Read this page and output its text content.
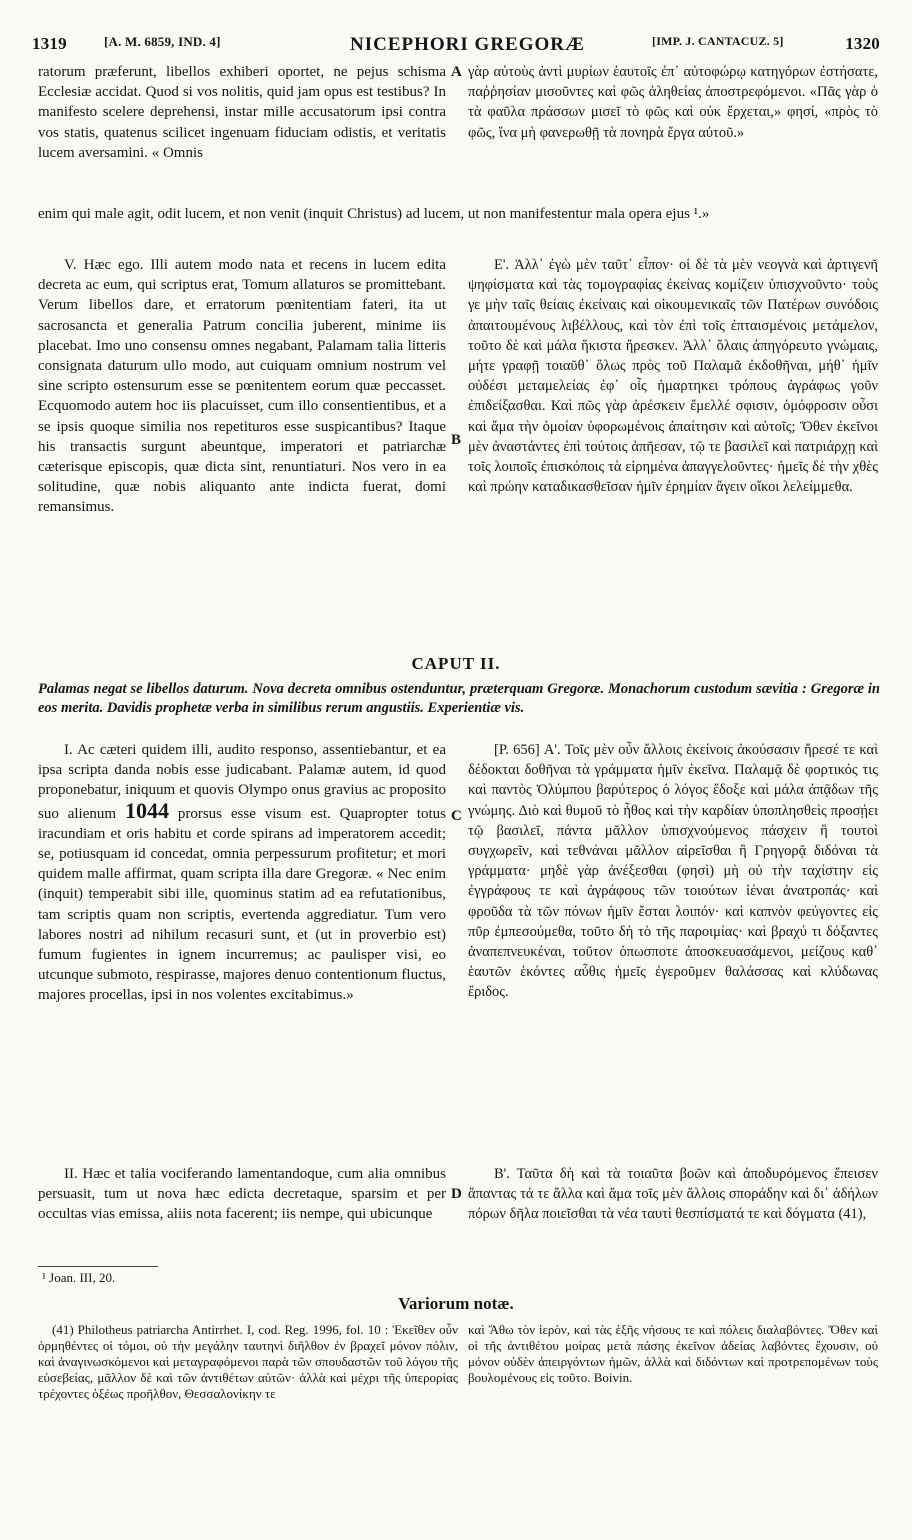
1319	[A. M. 6859, IND. 4]	NICEPHORI GREGORÆ	[IMP. J. CANTACUZ. 5]	1320

ratorum præferunt, libellos exhiberi oportet, ne pejus schisma Ecclesiæ accidat. Quod si vos nolitis, quid jam opus est testibus? In manifesto scelere deprehensi, instar mille accusatorum ipsi contra vos statis, quatenus scilicet ingenuam fiduciam odistis, et veritatis lucem aversamini. « Omnis

A γὰρ αὐτοὺς ἀντὶ μυρίων ἑαυτοῖς ἐπ᾿ αὐτοφώρῳ κατηγόρων ἐστήσατε, παῤῥησίαν μισοῦντες καὶ φῶς ἀληθείας ἀποστρεφόμενοι. «Πᾶς γὰρ ὁ τὰ φαῦλα πράσσων μισεῖ τὸ φῶς καὶ οὐκ ἔρχεται,» φησί, «πρὸς τὸ φῶς, ἵνα μὴ φανερωθῇ τὰ πονηρὰ ἔργα αὐτοῦ.»

enim qui male agit, odit lucem, et non venit (inquit Christus) ad lucem, ut non manifestentur mala opera ejus ¹.»

V. Hæc ego. Illi autem modo nata et recens in lucem edita decreta ac eum, qui scriptus erat, Tomum allaturos se promittebant. Verum libellos dare, et erratorum pœnitentiam fateri, ita ut sacrosancta et generalia Patrum concilia juberent, minime iis placebat. Imo uno consensu omnes negabant, Palamam talia litteris consignata daturum ullo modo, aut cuiquam omnium nostrum vel sine scripto ostensurum esse se pœnitentem eorum quæ peccasset. Ecquomodo autem hoc iis placuisset, cum illo consentientibus, et a se ipsis quoque similia nos repetituros esse suspicantibus? Itaque his transactis surgunt abeuntque, imperatori et patriarchæ cæterisque episcopis, quæ dicta sint, renuntiaturi. Nos vero in ea solitudine, quæ nobis aliquanto ante indicta fuerat, domi remansimus.

B

Ε'. Ἀλλ᾿ ἐγὼ μὲν ταῦτ᾿ εἶπον· οἱ δὲ τὰ μὲν νεογνὰ καὶ ἀρτιγενῆ ψηφίσματα καὶ τὰς τομογραφίας ἐκείνας κομίζειν ὑπισχνοῦντο· τοὺς γε μὴν ταῖς θείαις ἐκείναις καὶ οἰκουμενικαῖς τῶν Πατέρων συνόδοις ἀπαιτουμένους λιβέλλους, καὶ τὸν ἐπὶ τοῖς ἐπταισμένοις μετάμελον, τοῦτο δὲ καὶ μάλα ἥκιστα ἤρεσκεν. Ἀλλ᾿ ὅλαις ἀπηγόρευτο γνώμαις, μήτε γραφῇ τοιαῦθ᾿ ὅλως πρὸς τοῦ Παλαμᾶ ἐκδοθῆναι, μήθ᾿ ἡμῖν οὐδέσι μεταμελείας ἐφ᾿ οἷς ἡμαρτηκει τρόπους ἀγράφως γοῦν ἐπιδείξασθαι. Καὶ πῶς γὰρ ἀρέσκειν ἔμελλέ σφισιν, ὁμόφροσιν οὖσι καὶ ἅμα τὴν ὁμοίαν ὑφορωμένοις ἀπαίτησιν καὶ αὐτοῖς; Ὅθεν ἐκεῖνοι μὲν ἀναστάντες ἐπὶ τούτοις ἀπῆεσαν, τῷ τε βασιλεῖ καὶ πατριάρχῃ καὶ τοῖς λοιποῖς ἐπισκόποις τὰ εἰρημένα ἀπαγγελοῦντες· ἡμεῖς δὲ τὴν χθὲς καὶ πρώην καταδικασθεῖσαν ἡμῖν ἐρημίαν ἄγειν οἴκοι λελείμμεθα.

CAPUT II.
Palamas negat se libellos daturum. Nova decreta omnibus ostenduntur, præterquam Gregoræ. Monachorum custodum sævitia : Gregoræ in eos merita. Davidis prophetæ verba in similibus rerum angustiis. Experientiæ vis.

I. Ac cæteri quidem illi, audito responso, assentiebantur, et ea ipsa scripta danda nobis esse judicabant. Palamæ autem, id quod proponebatur, iniquum et quovis Olympo onus gravius ac proposito suo alienum 1044 prorsus esse visum est. Quapropter totus iracundiam et oris habitu et corde spirans ad imperatorem accedit; se, potiusquam id concedat, omnia perpessurum profitetur; et mori quidem malle affirmat, quam scripta illa dare Gregoræ. « Nec enim (inquit) temperabit sibi ille, quominus statim ad ea refutationibus, tam scriptis quam non scriptis, evertenda aggrediatur. Tum vero labores nostri ad nihilum recasuri sunt, et (ut in proverbio est) fumum fugientes in ignem incurremus; ac paulisper visi, eo utcunque submoto, respirasse, majores denuo contentionum fluctus, majores procellas, ipsi in nos volentes excitabimus.»

C

[P. 656] Α'. Τοῖς μὲν οὖν ἄλλοις ἐκείνοις ἀκούσασιν ἤρεσέ τε καὶ δέδοκται δοθῆναι τὰ γράμματα ἡμῖν ἐκεῖνα. Παλαμᾷ δὲ φορτικός τις καὶ παντὸς Ὀλύμπου βαρύτερος ὁ λόγος ἔδοξε καὶ μάλα ἀπᾷδων τῆς γνώμης. Διὸ καὶ θυμοῦ τὸ ἦθος καὶ τὴν καρδίαν ὑποπλησθεὶς προσῄει τῷ βασιλεῖ, πάντα μᾶλλον ὑπισχνούμενος πάσχειν ἢ τουτοὶ συγχωρεῖν, καὶ τεθνάναι μᾶλλον αἱρεῖσθαι ἢ Γρηγορᾷ διδόναι τὰ γράμματα· μηδὲ γὰρ ἀνέξεσθαι (φησὶ) μὴ οὐ τὴν ταχίστην εἰς ἐγγράφους τε καὶ ἀγράφους τῶν τοιούτων ἰέναι ἀνατροπάς· καὶ φροῦδα τὰ τῶν πόνων ἡμῖν ἔσται λοιπόν· καὶ καπνὸν φεύγοντες εἰς πῦρ ἐμπεσούμεθα, τοῦτο δὴ τὸ τῆς παροιμίας· καὶ βραχύ τι δόξαντες ἀναπεπνευκέναι, τοῦτον ὁπωσποτε ἀποσκευασάμενοι, μείζους καθ᾿ ἑαυτῶν ἑκόντες αὖθις ἡμεῖς ἐγεροῦμεν θαλάσσας καὶ κλύδωνας ἔριδος.

II. Hæc et talia vociferando lamentandoque, cum alia omnibus persuasit, tum ut nova hæc edicta decretaque, sparsim et per occultas vias emissa, aliis nota facerent; iis nempe, qui ubicunque

D

Β'. Ταῦτα δὴ καὶ τὰ τοιαῦτα βοῶν καὶ ἀποδυρόμενος ἔπεισεν ἅπαντας τά τε ἄλλα καὶ ἅμα τοῖς μὲν ἄλλοις σποράδην καὶ δι᾿ ἀδήλων πόρων δῆλα ποιεῖσθαι τὰ νέα ταυτὶ θεσπίσματά τε καὶ δόγματα (41),

¹ Joan. III, 20.
Variorum notæ.

(41) Philotheus patriarcha Antirrhet. I, cod. Reg. 1996, fol. 10 : Ἐκεῖθεν οὖν ὁρμηθέντες οἱ τόμοι, οὐ τὴν μεγάλην ταυτηνὶ διῆλθον ἐν βραχεῖ μόνον πόλιν, καὶ ἀναγινωσκόμενοι καὶ μεταγραφόμενοι παρὰ τῶν σπουδαστῶν τοῦ λόγου τῆς εὐσεβείας, μᾶλλον δὲ καὶ τῶν ἀντιθέτων αὐτῶν· ἀλλὰ καὶ μέχρι τῆς ὑπερορίας τρέχοντες ὀξέως προῆλθον, Θεσσαλονίκην τε

καὶ Ἄθω τὸν ἱερὸν, καὶ τὰς ἑξῆς νήσους τε καὶ πόλεις διαλαβόντες. Ὅθεν καὶ οἱ τῆς ἀντιθέτου μοίρας μετὰ πάσης ἐκεῖνον ἀδείας λαβόντες ἔχουσιν, οὐ μόνον οὐδὲν ἀπειργόντων ἡμῶν, ἀλλὰ καὶ διδόντων καὶ προτρεπομένων τοὺς βουλομένους εἰς τοῦτο. Boivin.
